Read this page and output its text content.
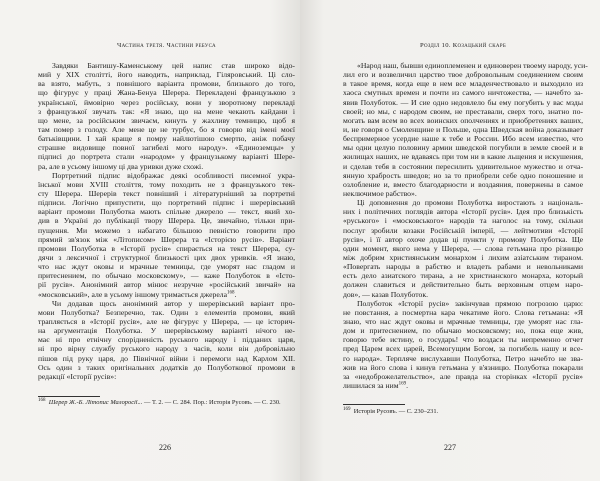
Частина третя. Частини ребуса
Завдяки Бантишу-Каменському цей напис став широко відо-
мий у XIX столітті, його наводить, наприклад, Гіляровський. Ці сло-
ва взято, мабуть, з повнішого варіанта промови, близького до того,
що фігурує у праці Жана-Бенуа Шерера. Перекладені французькою з
української, ймовірно через російську, вони у зворотному перекладі
з французької звучать так: «Я знаю, що на мене чекають кайдани і
що мене, за російським звичаєм, кинуть у жахливу темницю, щоб я
там помер з голоду. Але мене це не турбує, бо я говорю від імені моєї
батьківщини. І хай краще я помру найлютішою смертю, аніж побачу
страшне видовище повної загибелі мого народу». «Единоземцы» у
підписі до портрета стали «народом» у французькому варіанті Шере-
ра, але в усьому іншому ці два уривки дуже схожі.
Портретний підпис відображає деякі особливості писемної укра-
їнської мови XVIII століття, тому походить не з французького тек-
сту Шерера. Шерерів текст повніший і літературніший за портретні
підписи. Логічно припустити, що портретний підпис і шерерівський
варіант промови Полуботка мають спільне джерело — текст, який хо-
див в Україні до публікації твору Шерера. Це, звичайно, тільки при-
пущення. Ми можемо з набагато більшою певністю говорити про
прямий зв'язок між «Літописом» Шерера та «Історією русів». Варіант
промови Полуботка в «Історії русів» спирається на текст Шерера, су-
дячи з лексичної і структурної близькості цих двох уривків. «Я знаю,
что нас ждут оковы и мрачные темницы, где уморят нас гладом и
притеснением, по обычаю московскому», — каже Полуботок в «Істо-
рії русів». Анонімний автор мінює незручне «російський звичай» на
«московський», але в усьому іншому тримається джерела$^{168}$.
Чи додавав щось анонімний автор у шерерівський варіант про-
мови Полуботка? Безперечно, так. Один з елементів промови, який
трапляється в «Історії русів», але не фігурує у Шерера, — це історич-
на аргументація Полуботка. У шерерівському варіанті нічого не-
має ні про етнічну спорідненість руського народу і підданих царя,
ні про вірну службу руського народу з часів, коли він добровільно
пішов під руку царя, до Північної війни і перемоги над Карлом XII.
Ось один з таких оригінальних додатків до Полуботкової промови в
редакції «Історії русів»:
$^{168}$ Шерер Ж.-Б. Літопис Малоросії... — Т. 2. — С. 284. Пор.: Исторія Русовъ. — С. 230.
226
Розділ 10. Козацький скарб
«Народ наш, бывши единоплеменен и единоверен твоему народу, уси-
лил его и возвеличил царство твое добровольным соединением своим
в такое время, когда еще в нем все младенчествовало и выходило из
хаоса смутных времен и почти из самого ничтожества, — начебто за-
явив Полуботок. — И сие одно недовлело бы ему погубить у вас мзды
своей; но мы, с народом своим, не преставали, сверх того, знатно по-
могать вам всем во всех воинских ополчениях и приобретениях ваших,
и, не говоря о Смоленщине и Польше, одна Шведская война доказывает
беспримерное усердие наше к тебе и России. Ибо всем известно, что
мы одни целую половину армии шведской погубили в земле своей и в
жилищах наших, не вдаваясь при том ни в какие льщения и искушения,
и сделав тебя в состоянии пересилить удивительное мужество и отча-
янную храбрость шведов; но за то приобрели себе одно поношение и
озлобление и, вместо благодарности и воздаяния, повержены в самое
неключимое рабство».
Ці доповнення до промови Полуботка виростають з національ-
них і політичних поглядів автора «Історії русів». Ідея про близькість
«руського» і «московського» народів та наголос на тому, скільки
послуг зробили козаки Російській імперії, — лейтмотиви «Історії
русів», і її автор охоче додав ці пункти у промову Полуботка. Ще
один момент, якого нема у Шерера, — слова гетьмана про різницю
між добрим християнським монархом і лихим азіатським тираном.
«Повергать народы в рабство и владеть рабами и невольниками
есть дело азиатского тирана, а не христианского монарха, который
должен славиться и действительно быть верховным отцем наро-
дов», — казав Полуботок.
Полуботок «Історії русів» закінчував прямою погрозою царю:
не повстання, а посмертна кара чекатиме його. Слова гетьмана: «Я
знаю, что нас ждут оковы и мрачные темницы, где уморят нас гла-
дом и притеснением, по обычаю московскому; но, пока еще жив,
говорю тебе истину, о государь! что воздаси ты непременно отчет
пред Царем всех царей, Всемогущим Богом, за погибель нашу и все-
го народа». Терпляче вислухавши Полуботка, Петро начебто не зва-
жив на його слова і кинув гетьмана у в'язницю. Полуботка покарали
за «недоброжелательство», але правда на сторінках «Історії русів»
лишилася за ним$^{169}$.
$^{169}$ Исторія Русовъ. — С. 230–231.
227
